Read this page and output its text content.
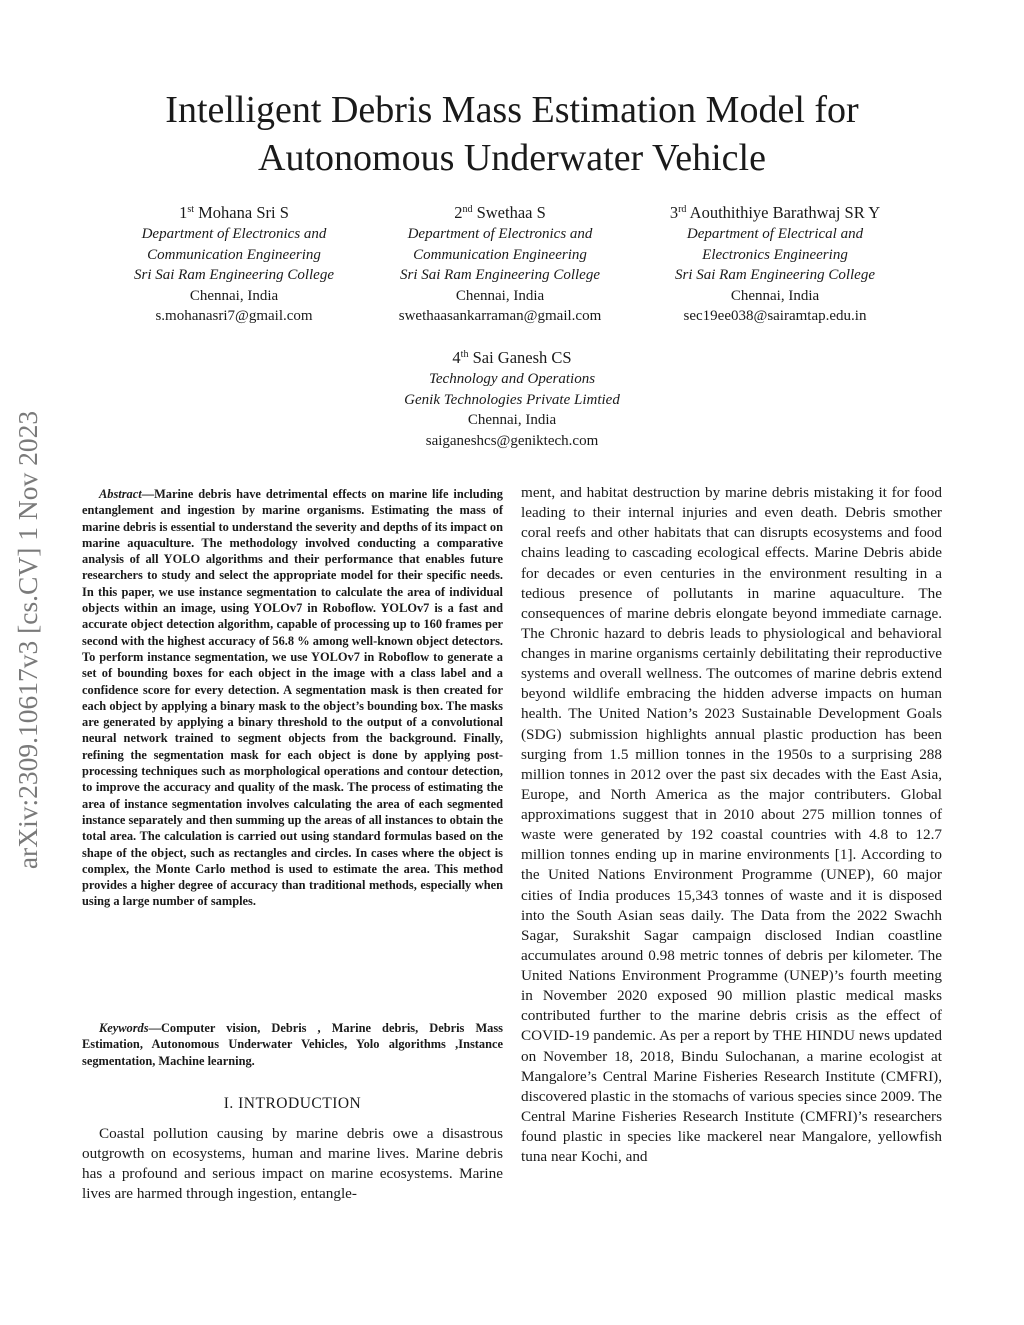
Intelligent Debris Mass Estimation Model for
Autonomous Underwater Vehicle
arXiv:2309.10617v3 [cs.CV] 1 Nov 2023
1st Mohana Sri S
Department of Electronics and
Communication Engineering
Sri Sai Ram Engineering College
Chennai, India
s.mohanasri7@gmail.com
2nd Swethaa S
Department of Electronics and
Communication Engineering
Sri Sai Ram Engineering College
Chennai, India
swethaasankarraman@gmail.com
3rd Aouthithiye Barathwaj SR Y
Department of Electrical and
Electronics Engineering
Sri Sai Ram Engineering College
Chennai, India
sec19ee038@sairamtap.edu.in
4th Sai Ganesh CS
Technology and Operations
Genik Technologies Private Limtied
Chennai, India
saiganeshcs@geniktech.com
Abstract—Marine debris have detrimental effects on marine life including entanglement and ingestion by marine organisms. Estimating the mass of marine debris is essential to understand the severity and depths of its impact on marine aquaculture. The methodology involved conducting a comparative analysis of all YOLO algorithms and their performance that enables future researchers to study and select the appropriate model for their specific needs. In this paper, we use instance segmentation to calculate the area of individual objects within an image, using YOLOv7 in Roboflow. YOLOv7 is a fast and accurate object detection algorithm, capable of processing up to 160 frames per second with the highest accuracy of 56.8 % among well-known object detectors. To perform instance segmentation, we use YOLOv7 in Roboflow to generate a set of bounding boxes for each object in the image with a class label and a confidence score for every detection. A segmentation mask is then created for each object by applying a binary mask to the object’s bounding box. The masks are generated by applying a binary threshold to the output of a convolutional neural network trained to segment objects from the background. Finally, refining the segmentation mask for each object is done by applying post-processing techniques such as morphological operations and contour detection, to improve the accuracy and quality of the mask. The process of estimating the area of instance segmentation involves calculating the area of each segmented instance separately and then summing up the areas of all instances to obtain the total area. The calculation is carried out using standard formulas based on the shape of the object, such as rectangles and circles. In cases where the object is complex, the Monte Carlo method is used to estimate the area. This method provides a higher degree of accuracy than traditional methods, especially when using a large number of samples.
Keywords—Computer vision, Debris , Marine debris, Debris Mass Estimation, Autonomous Underwater Vehicles, Yolo algorithms ,Instance segmentation, Machine learning.
I. INTRODUCTION
Coastal pollution causing by marine debris owe a disastrous outgrowth on ecosystems, human and marine lives. Marine debris has a profound and serious impact on marine ecosystems. Marine lives are harmed through ingestion, entangle-
ment, and habitat destruction by marine debris mistaking it for food leading to their internal injuries and even death. Debris smother coral reefs and other habitats that can disrupts ecosystems and food chains leading to cascading ecological effects. Marine Debris abide for decades or even centuries in the environment resulting in a tedious presence of pollutants in marine aquaculture. The consequences of marine debris elongate beyond immediate carnage. The Chronic hazard to debris leads to physiological and behavioral changes in marine organisms certainly debilitating their reproductive systems and overall wellness. The outcomes of marine debris extend beyond wildlife embracing the hidden adverse impacts on human health. The United Nation’s 2023 Sustainable Development Goals (SDG) submission highlights annual plastic production has been surging from 1.5 million tonnes in the 1950s to a surprising 288 million tonnes in 2012 over the past six decades with the East Asia, Europe, and North America as the major contributers. Global approximations suggest that in 2010 about 275 million tonnes of waste were generated by 192 coastal countries with 4.8 to 12.7 million tonnes ending up in marine environments [1]. According to the United Nations Environment Programme (UNEP), 60 major cities of India produces 15,343 tonnes of waste and it is disposed into the South Asian seas daily. The Data from the 2022 Swachh Sagar, Surakshit Sagar campaign disclosed Indian coastline accumulates around 0.98 metric tonnes of debris per kilometer. The United Nations Environment Programme (UNEP)’s fourth meeting in November 2020 exposed 90 million plastic medical masks contributed further to the marine debris crisis as the effect of COVID-19 pandemic. As per a report by THE HINDU news updated on November 18, 2018, Bindu Sulochanan, a marine ecologist at Mangalore’s Central Marine Fisheries Research Institute (CMFRI), discovered plastic in the stomachs of various species since 2009. The Central Marine Fisheries Research Institute (CMFRI)’s researchers found plastic in species like mackerel near Mangalore, yellowfish tuna near Kochi, and
